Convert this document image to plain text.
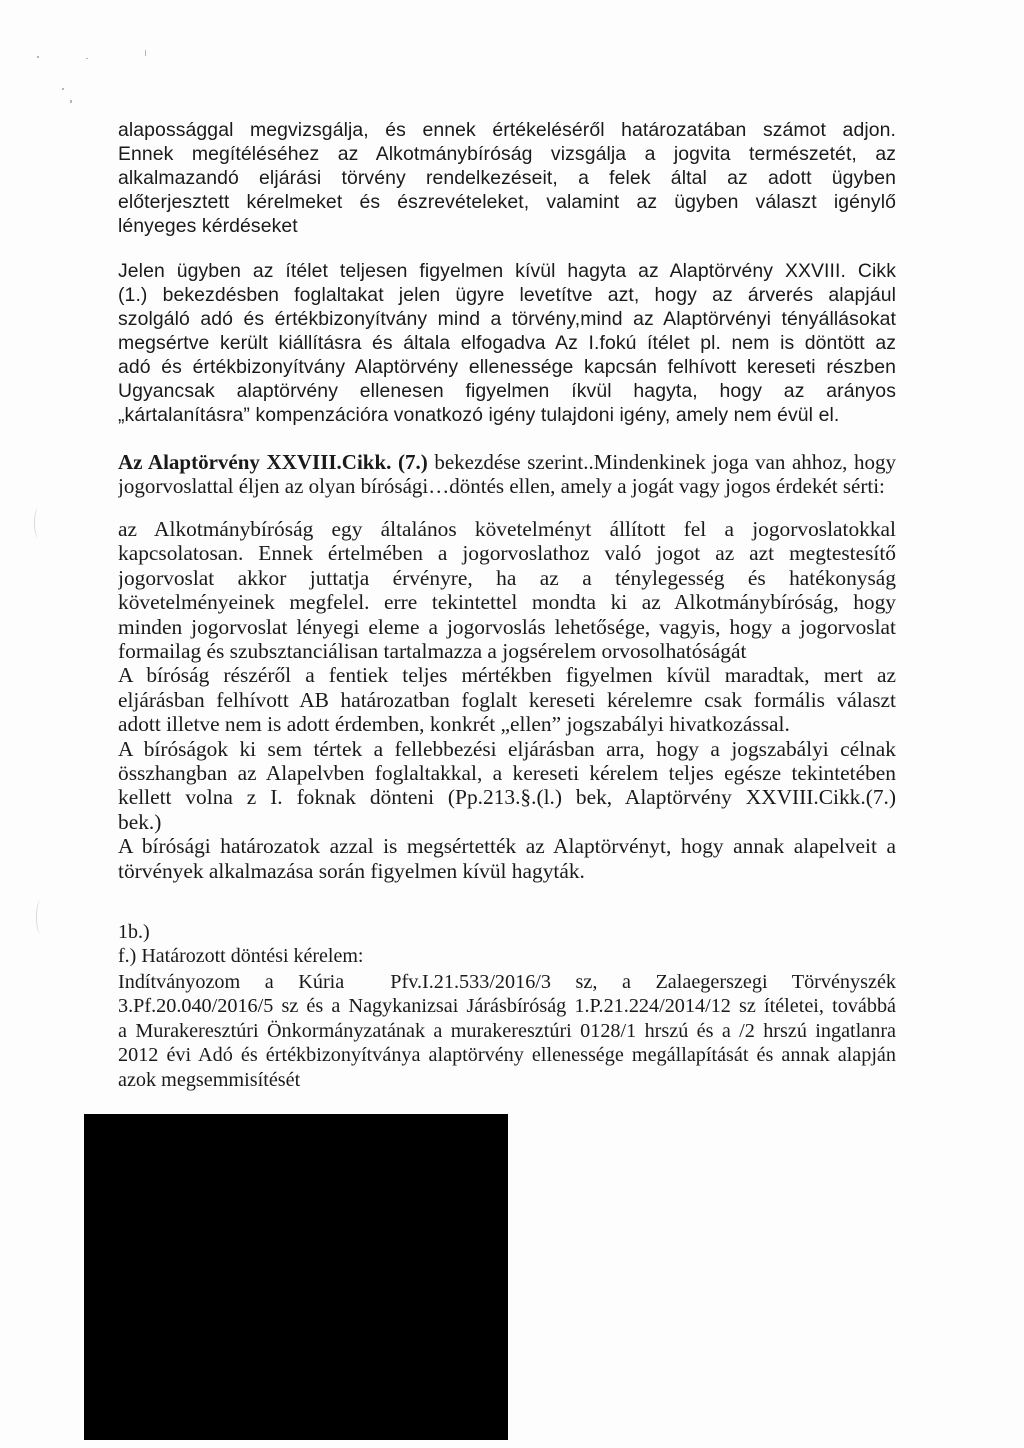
alapossággal megvizsgálja, és ennek értékeléséről határozatában számot adjon.
Ennek megítéléséhez az Alkotmánybíróság vizsgálja a jogvita természetét, az
alkalmazandó eljárási törvény rendelkezéseit, a felek által az adott ügyben
előterjesztett kérelmeket és észrevételeket, valamint az ügyben választ igénylő
lényeges kérdéseket
Jelen ügyben az ítélet teljesen figyelmen kívül hagyta az Alaptörvény XXVIII. Cikk
(1.) bekezdésben foglaltakat jelen ügyre levetítve azt, hogy az árverés alapjául
szolgáló adó és értékbizonyítvány mind a törvény,mind az Alaptörvényi tényállásokat
megsértve került kiállításra és általa elfogadva Az I.fokú ítélet pl. nem is döntött az
adó és értékbizonyítvány Alaptörvény ellenessége kapcsán felhívott kereseti részben
Ugyancsak alaptörvény ellenesen figyelmen íkvül hagyta, hogy az arányos
„kártalanításra” kompenzációra vonatkozó igény tulajdoni igény, amely nem évül el.
Az Alaptörvény XXVIII.Cikk. (7.) bekezdése szerint..Mindenkinek joga van ahhoz, hogy
jogorvoslattal éljen az olyan bírósági…döntés ellen, amely a jogát vagy jogos érdekét sérti:
az Alkotmánybíróság egy általános követelményt állított fel a jogorvoslatokkal
kapcsolatosan. Ennek értelmében a jogorvoslathoz való jogot az azt megtestesítő
jogorvoslat akkor juttatja érvényre, ha az a ténylegesség és hatékonyság
követelményeinek megfelel. erre tekintettel mondta ki az Alkotmánybíróság, hogy
minden jogorvoslat lényegi eleme a jogorvoslás lehetősége, vagyis, hogy a jogorvoslat
formailag és szubsztanciálisan tartalmazza a jogsérelem orvosolhatóságát
A bíróság részéről a fentiek teljes mértékben figyelmen kívül maradtak, mert az
eljárásban felhívott AB határozatban foglalt kereseti kérelemre csak formális választ
adott illetve nem is adott érdemben, konkrét „ellen” jogszabályi hivatkozással.
A bíróságok ki sem tértek a fellebbezési eljárásban arra, hogy a jogszabályi célnak
összhangban az Alapelvben foglaltakkal, a kereseti kérelem teljes egésze tekintetében
kellett volna z I. foknak dönteni (Pp.213.§.(l.) bek, Alaptörvény XXVIII.Cikk.(7.)
bek.)
A bírósági határozatok azzal is megsértették az Alaptörvényt, hogy annak alapelveit a
törvények alkalmazása során figyelmen kívül hagyták.
1b.)
f.) Határozott döntési kérelem:
Indítványozom a Kúria Pfv.I.21.533/2016/3 sz, a Zalaegerszegi Törvényszék
3.Pf.20.040/2016/5 sz és a Nagykanizsai Járásbíróság 1.P.21.224/2014/12 sz ítéletei, továbbá
a Murakeresztúri Önkormányzatának a murakeresztúri 0128/1 hrszú és a /2 hrszú ingatlanra
2012 évi Adó és értékbizonyítványa alaptörvény ellenessége megállapítását és annak alapján
azok megsemmisítését
